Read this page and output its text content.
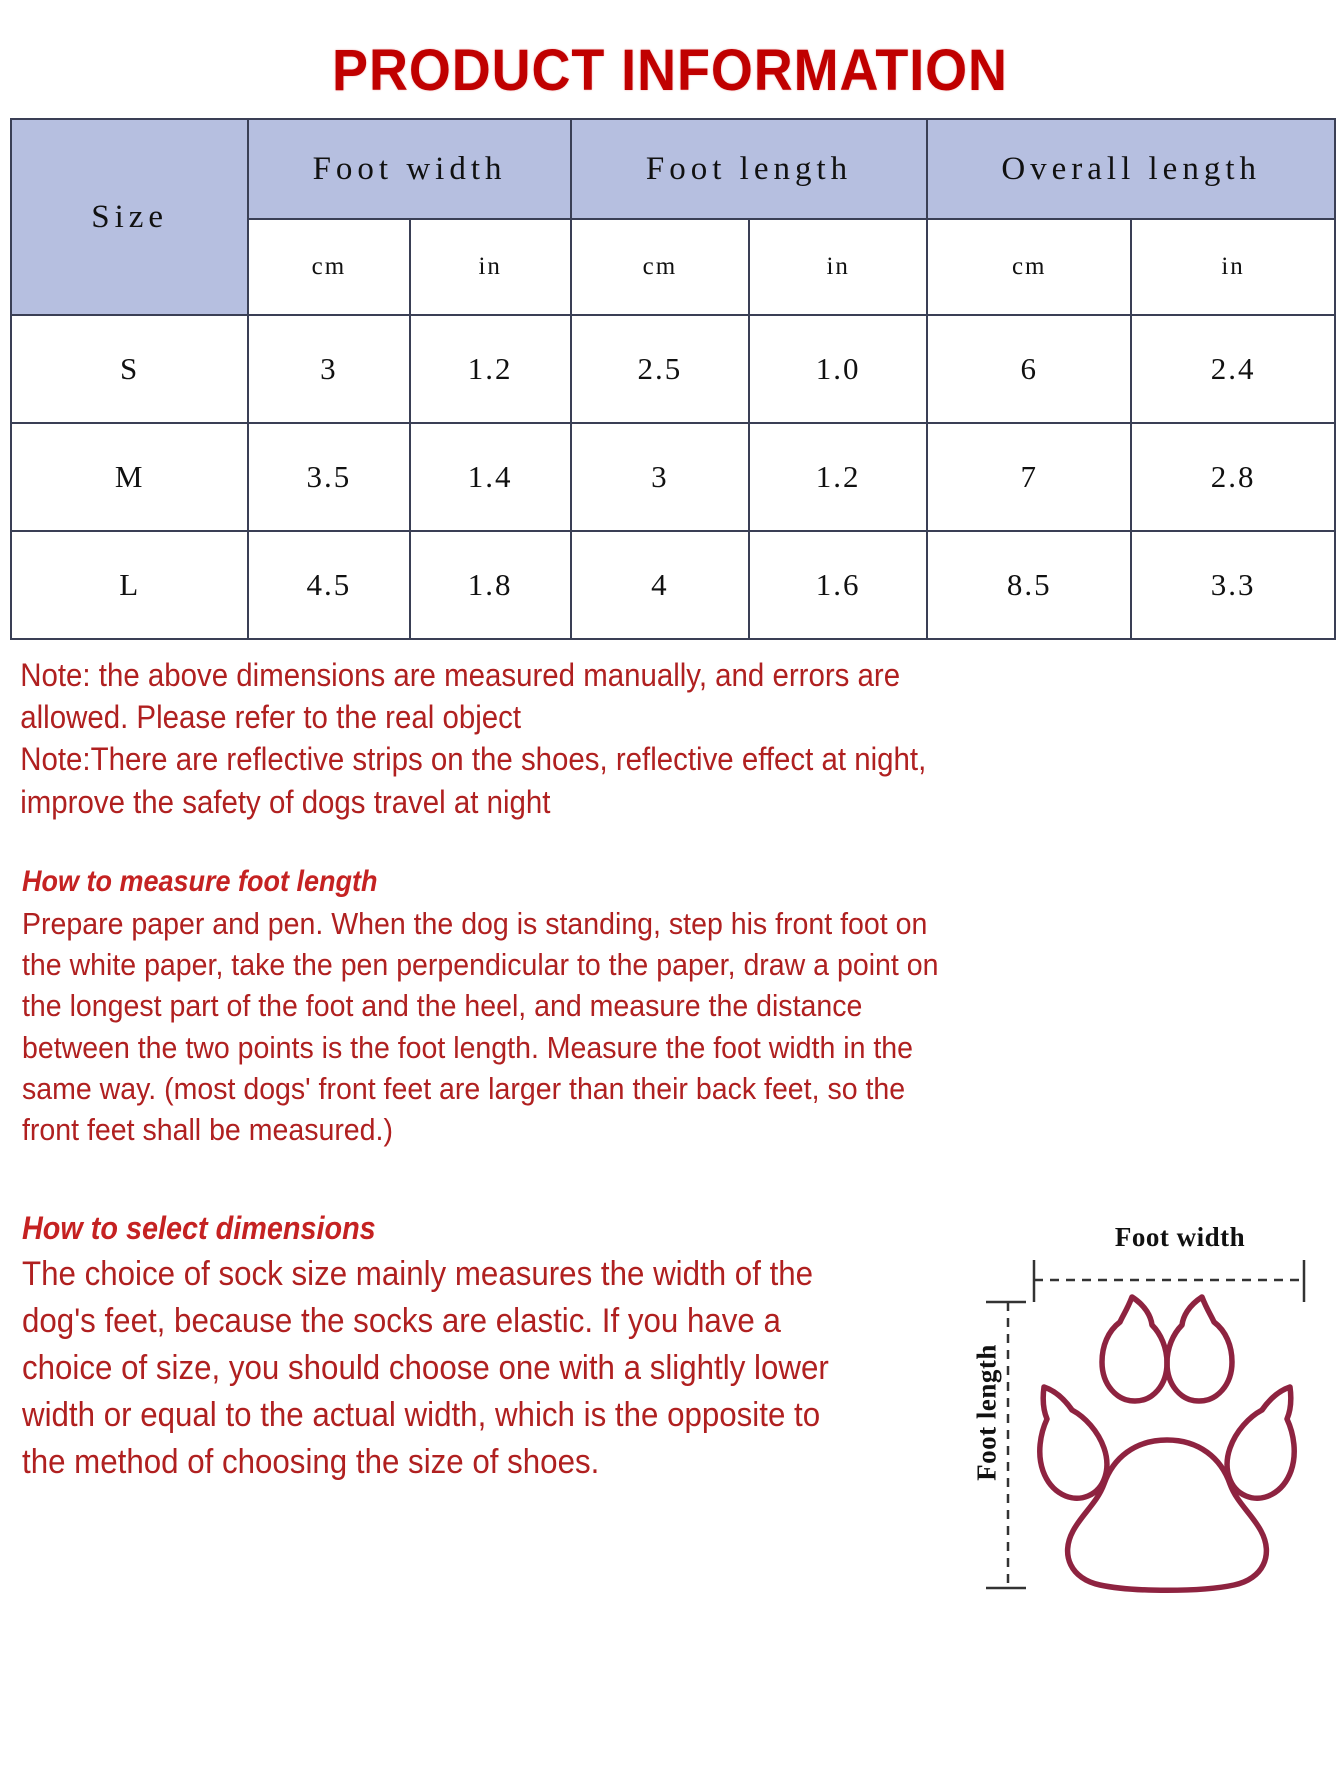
PRODUCT INFORMATION
Size	Foot width		Foot length		Overall length	
	cm	in	cm	in	cm	in
S	3	1.2	2.5	1.0	6	2.4
M	3.5	1.4	3	1.2	7	2.8
L	4.5	1.8	4	1.6	8.5	3.3

Note: the above dimensions are measured manually, and errors are

allowed. Please refer to the real object

Note:There are reflective strips on the shoes, reflective effect at night,

improve the safety of dogs travel at night

How to measure foot length
Prepare paper and pen. When the dog is standing, step his front foot on the white paper, take the pen perpendicular to the paper, draw a point on the longest part of the foot and the heel, and measure the distance between the two points is the foot length. Measure the foot width in the same way. (most dogs' front feet are larger than their back feet, so the front feet shall be measured.)
How to select dimensions
The choice of sock size mainly measures the width of the dog's feet, because the socks are elastic. If you have a choice of size, you should choose one with a slightly lower width or equal to the actual width, which is the opposite to the method of choosing the size of shoes.
Foot width
Foot length
